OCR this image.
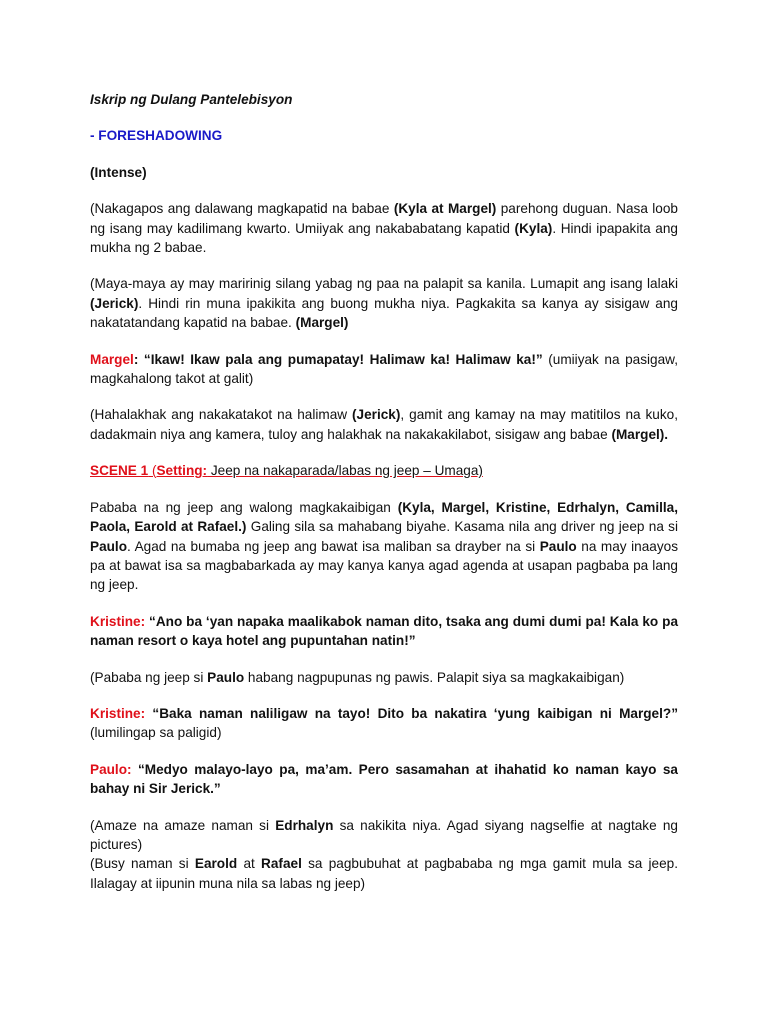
Iskrip ng Dulang Pantelebisyon

- FORESHADOWING

(Intense)

(Nakagapos ang dalawang magkapatid na babae (Kyla at Margel) parehong duguan. Nasa loob ng isang may kadilimang kwarto. Umiiyak ang nakababatang kapatid (Kyla). Hindi ipapakita ang mukha ng 2 babae.

(Maya-maya ay may maririnig silang yabag ng paa na palapit sa kanila. Lumapit ang isang lalaki (Jerick). Hindi rin muna ipakikita ang buong mukha niya. Pagkakita sa kanya ay sisigaw ang nakatatandang kapatid na babae. (Margel)

Margel: “Ikaw! Ikaw pala ang pumapatay! Halimaw ka! Halimaw ka!” (umiiyak na pasigaw, magkahalong takot at galit)

(Hahalakhak ang nakakatakot na halimaw (Jerick), gamit ang kamay na may matitilos na kuko, dadakmain niya ang kamera, tuloy ang halakhak na nakakakilabot, sisigaw ang babae (Margel).

SCENE 1 (Setting: Jeep na nakaparada/labas ng jeep – Umaga)

Pababa na ng jeep ang walong magkakaibigan (Kyla, Margel, Kristine, Edrhalyn, Camilla, Paola, Earold at Rafael.) Galing sila sa mahabang biyahe. Kasama nila ang driver ng jeep na si Paulo. Agad na bumaba ng jeep ang bawat isa maliban sa drayber na si Paulo na may inaayos pa at bawat isa sa magbabarkada ay may kanya kanya agad agenda at usapan pagbaba pa lang ng jeep.

Kristine: “Ano ba ‘yan napaka maalikabok naman dito, tsaka ang dumi dumi pa! Kala ko pa naman resort o kaya hotel ang pupuntahan natin!”

(Pababa ng jeep si Paulo habang nagpupunas ng pawis. Palapit siya sa magkakaibigan)

Kristine: “Baka naman naliligaw na tayo! Dito ba nakatira ‘yung kaibigan ni Margel?” (lumilingap sa paligid)

Paulo: “Medyo malayo-layo pa, ma’am. Pero sasamahan at ihahatid ko naman kayo sa bahay ni Sir Jerick.”

(Amaze na amaze naman si Edrhalyn sa nakikita niya. Agad siyang nagselfie at nagtake ng pictures)

(Busy naman si Earold at Rafael sa pagbubuhat at pagbababa ng mga gamit mula sa jeep. Ilalagay at iipunin muna nila sa labas ng jeep)
